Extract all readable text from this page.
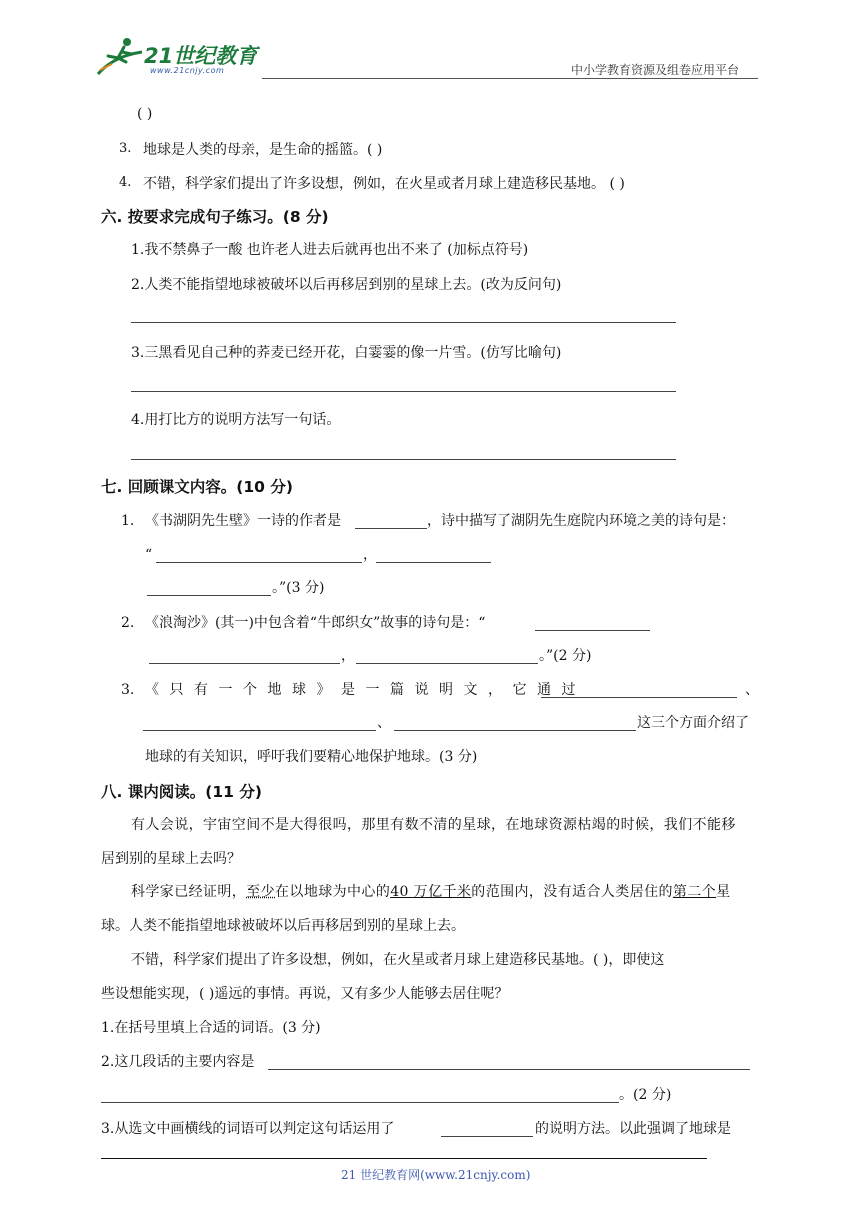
21世纪教育
www.21cnjy.com	中小学教育资源及组卷应用平台
( )
3. 地球是人类的母亲，是生命的摇篮。( )
4. 不错，科学家们提出了许多设想，例如，在火星或者月球上建造移民基地。 ( )
六. 按要求完成句子练习。(8 分)
1.我不禁鼻子一酸 也许老人进去后就再也出不来了 (加标点符号)
2.人类不能指望地球被破坏以后再移居到别的星球上去。(改为反问句)
3.三黑看见自己种的荞麦已经开花，白霎霎的像一片雪。(仿写比喻句)
4.用打比方的说明方法写一句话。
七. 回顾课文内容。(10 分)
1. 《书湖阴先生壁》一诗的作者是	，诗中描写了湖阴先生庭院内环境之美的诗句是：
“	，
。”(3 分)
2. 《浪淘沙》(其一)中包含着“牛郎织女”故事的诗句是：“
，	。”(2 分)
3. 《只有一个地球》是一篇说明文，它通过	、
、	这三个方面介绍了
地球的有关知识，呼吁我们要精心地保护地球。(3 分)
八. 课内阅读。(11 分)
有人会说，宇宙空间不是大得很吗，那里有数不清的星球，在地球资源枯竭的时候，我们不能移
居到别的星球上去吗？
科学家已经证明，至少在以地球为中心的40 万亿千米的范围内，没有适合人类居住的第二个星
球。人类不能指望地球被破坏以后再移居到别的星球上去。
不错，科学家们提出了许多设想，例如，在火星或者月球上建造移民基地。( )，即使这
些设想能实现，( )遥远的事情。再说，又有多少人能够去居住呢？
1.在括号里填上合适的词语。(3 分)
2.这几段话的主要内容是
。(2 分)
3.从选文中画横线的词语可以判定这句话运用了	的说明方法。以此强调了地球是
21 世纪教育网(www.21cnjy.com)
